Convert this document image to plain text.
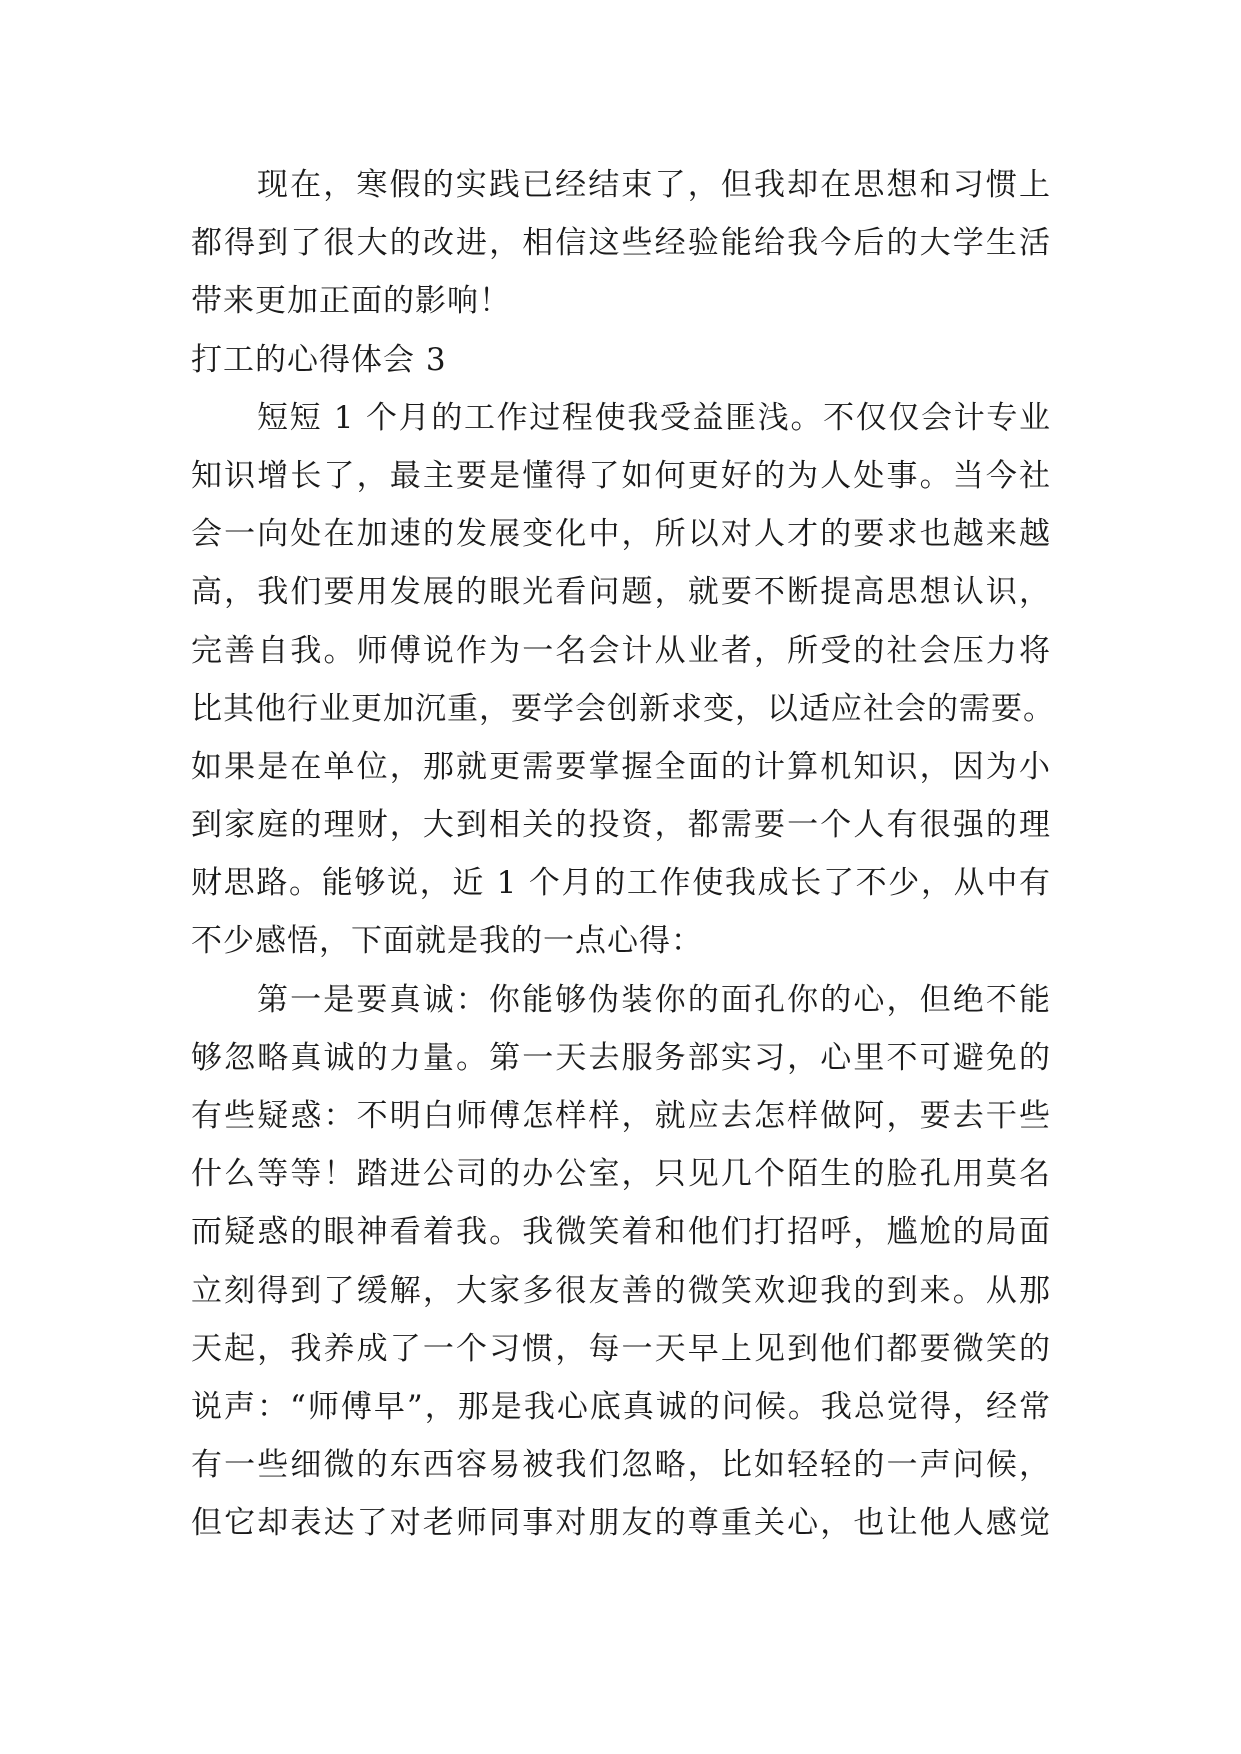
现在，寒假的实践已经结束了，但我却在思想和习惯上
都得到了很大的改进，相信这些经验能给我今后的大学生活
带来更加正面的影响！
打工的心得体会 3
短短 1 个月的工作过程使我受益匪浅。不仅仅会计专业
知识增长了，最主要是懂得了如何更好的为人处事。当今社
会一向处在加速的发展变化中，所以对人才的要求也越来越
高，我们要用发展的眼光看问题，就要不断提高思想认识，
完善自我。师傅说作为一名会计从业者，所受的社会压力将
比其他行业更加沉重，要学会创新求变，以适应社会的需要。
如果是在单位，那就更需要掌握全面的计算机知识，因为小
到家庭的理财，大到相关的投资，都需要一个人有很强的理
财思路。能够说，近 1 个月的工作使我成长了不少，从中有
不少感悟，下面就是我的一点心得：
第一是要真诚：你能够伪装你的面孔你的心，但绝不能
够忽略真诚的力量。第一天去服务部实习，心里不可避免的
有些疑惑：不明白师傅怎样样，就应去怎样做阿，要去干些
什么等等！踏进公司的办公室，只见几个陌生的脸孔用莫名
而疑惑的眼神看着我。我微笑着和他们打招呼，尴尬的局面
立刻得到了缓解，大家多很友善的微笑欢迎我的到来。从那
天起，我养成了一个习惯，每一天早上见到他们都要微笑的
说声：“师傅早”，那是我心底真诚的问候。我总觉得，经常
有一些细微的东西容易被我们忽略，比如轻轻的一声问候，
但它却表达了对老师同事对朋友的尊重关心，也让他人感觉
